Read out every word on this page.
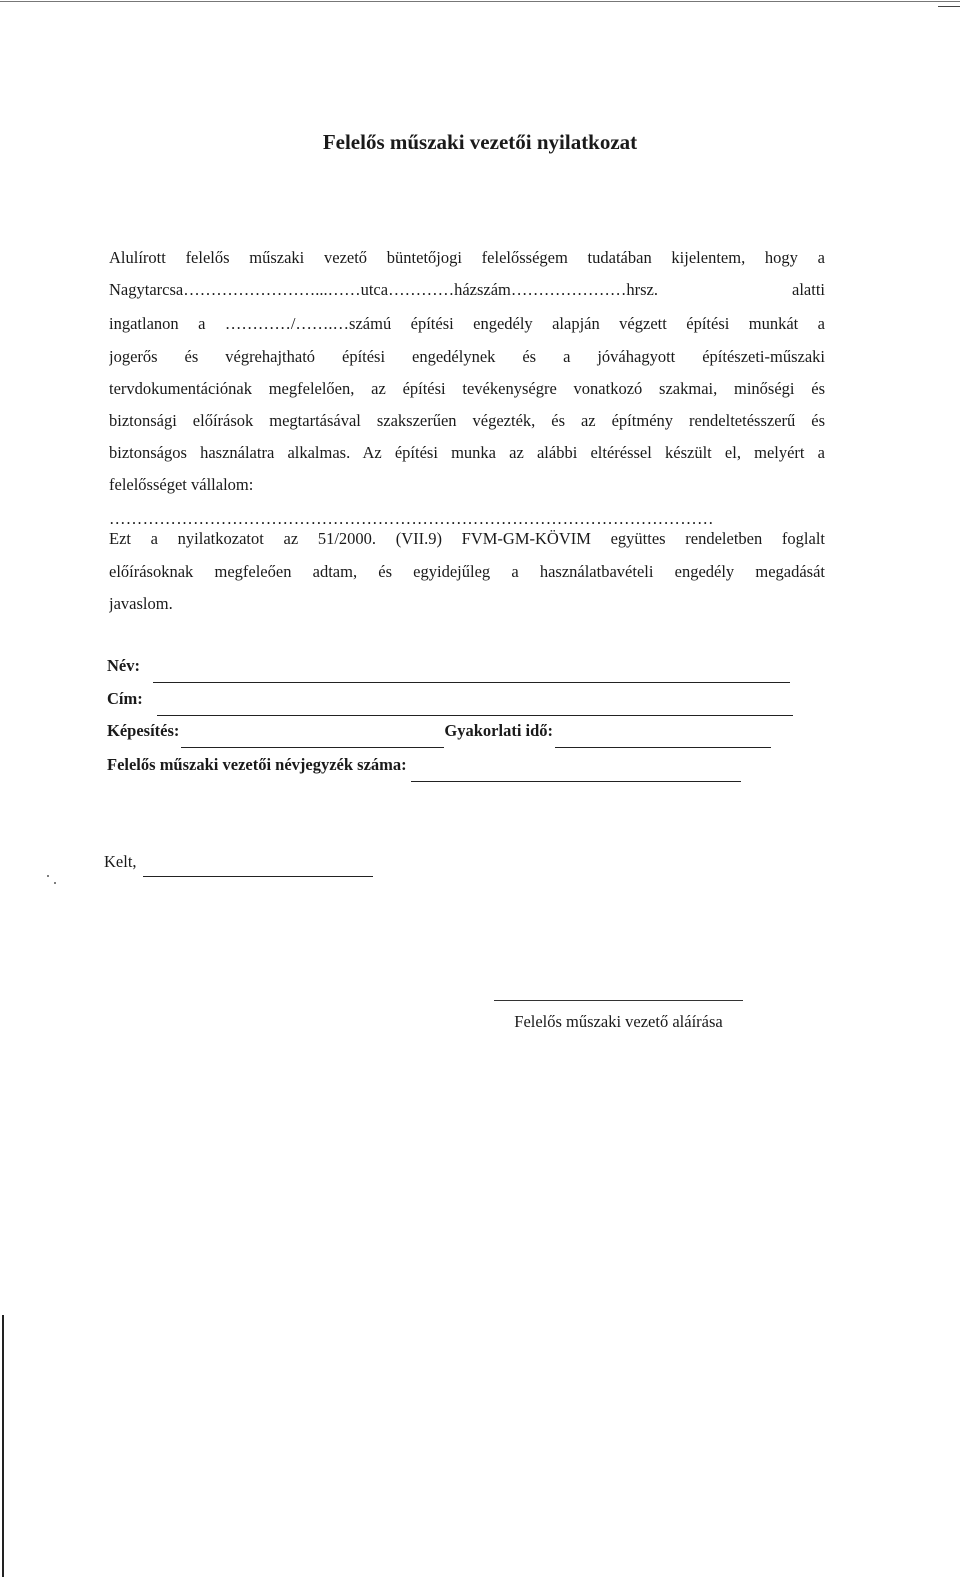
Felelős műszaki vezetői nyilatkozat
Alulírott felelős műszaki vezető büntetőjogi felelősségem tudatában kijelentem, hogy a
Nagytarcsa……………………...……utca…………házszám…………………hrsz. alatti
ingatlanon a …………/…….…számú építési engedély alapján végzett építési munkát a
jogerős és végrehajtható építési engedélynek és a jóváhagyott építészeti-műszaki
tervdokumentációnak megfelelően, az építési tevékenységre vonatkozó szakmai, minőségi és
biztonsági előírások megtartásával szakszerűen végezték, és az építmény rendeltetésszerű és
biztonságos használatra alkalmas. Az építési munka az alábbi eltéréssel készült el, melyért a
felelősséget vállalom:
………………………………………………………………………………………………
Ezt a nyilatkozatot az 51/2000. (VII.9) FVM-GM-KÖVIM együttes rendeletben foglalt
előírásoknak megfeleően adtam, és egyidejűleg a használatbavételi engedély megadását
javaslom.
Név:
Cím:
Képesítés:	Gyakorlati idő:
Felelős műszaki vezetői névjegyzék száma:
Kelt,
Felelős műszaki vezető aláírása
